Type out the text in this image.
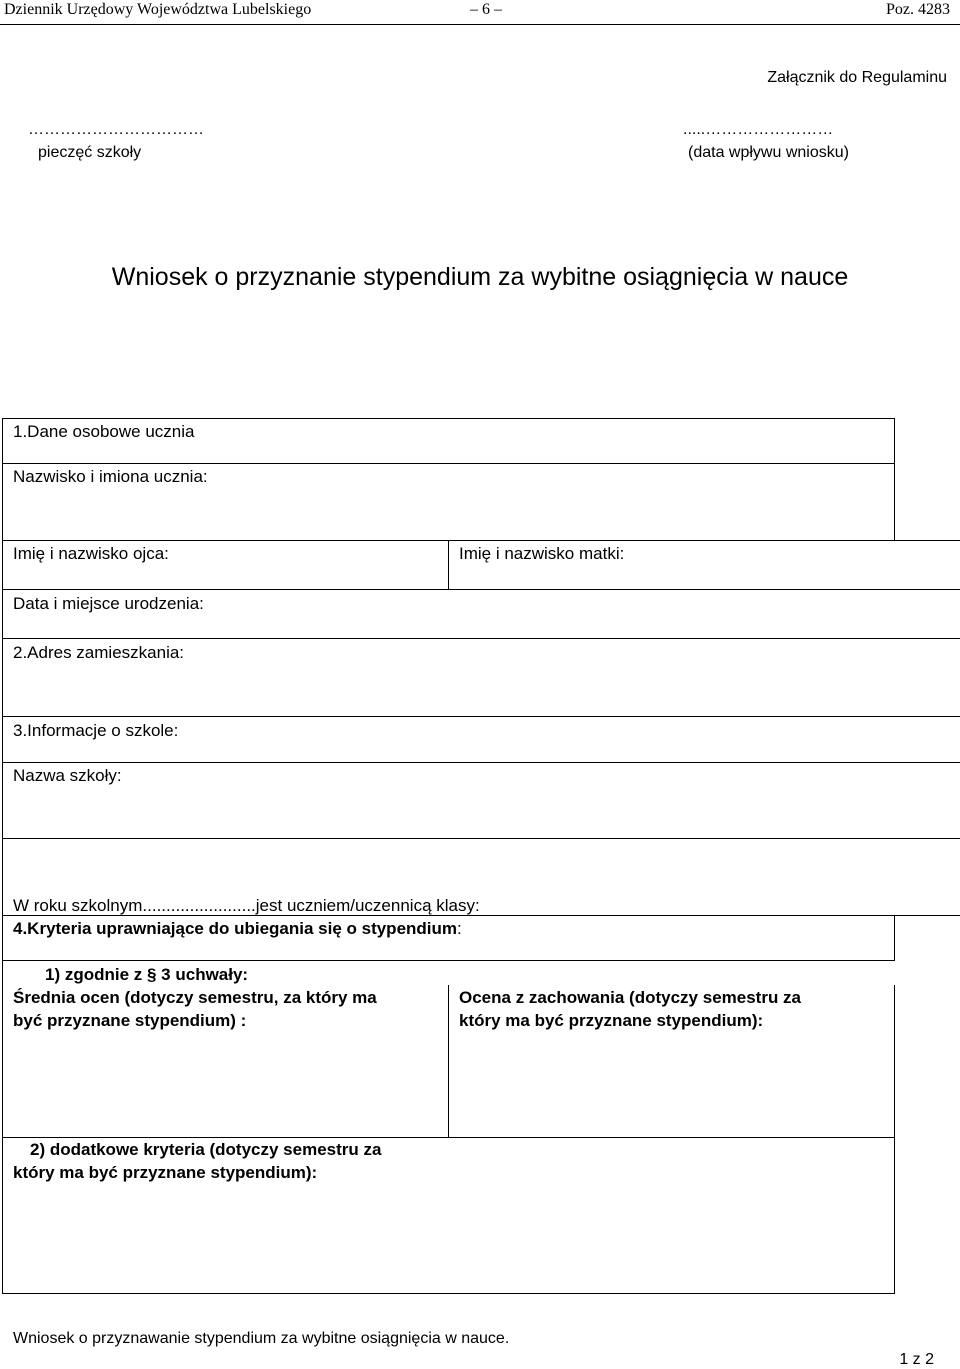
Dziennik Urzędowy Województwa Lubelskiego	– 6 –	Poz. 4283
Załącznik do Regulaminu
……………………………
pieczęć szkoły
.....……………………
(data wpływu wniosku)
Wniosek o przyznanie stypendium za wybitne osiągnięcia w nauce
1.Dane osobowe ucznia
Nazwisko i imiona ucznia:
Imię i nazwisko ojca:	Imię i nazwisko matki:
Data i miejsce urodzenia:
2.Adres zamieszkania:
3.Informacje o szkole:
Nazwa szkoły:
W roku szkolnym........................jest uczniem/uczennicą klasy:
4.Kryteria uprawniające do ubiegania się o stypendium:
1) zgodnie z § 3 uchwały:
Średnia ocen (dotyczy semestru, za który ma
być przyznane stypendium) :
Ocena z zachowania (dotyczy semestru za
który ma być przyznane stypendium):
2) dodatkowe kryteria (dotyczy semestru za
który ma być przyznane stypendium):
Wniosek o przyznawanie stypendium za wybitne osiągnięcia w nauce.
1 z 2
